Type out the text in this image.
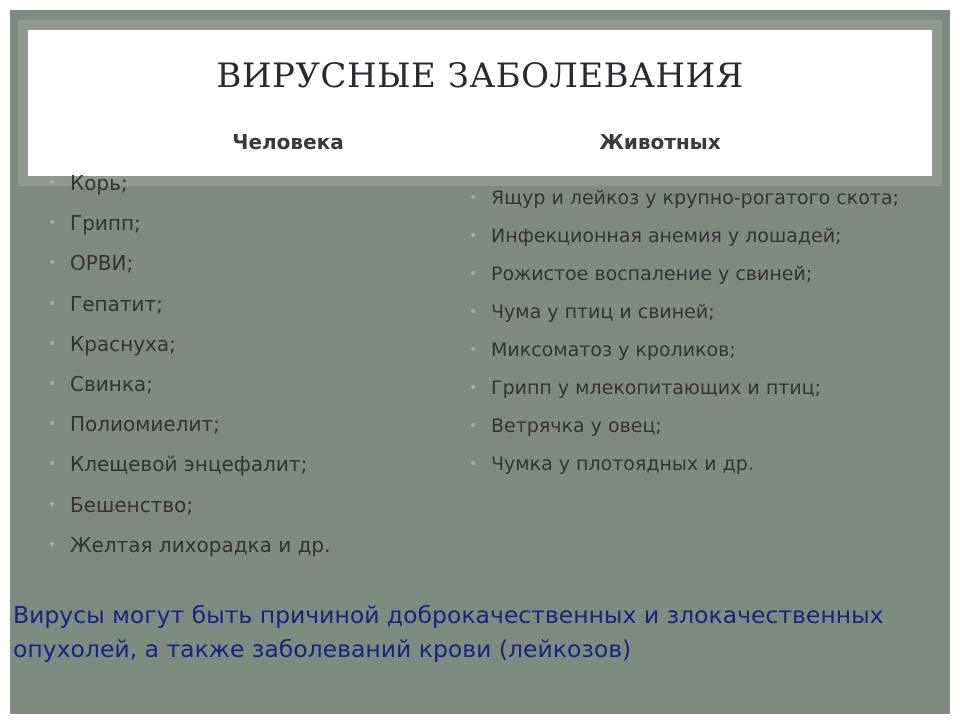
ВИРУСНЫЕ ЗАБОЛЕВАНИЯ
Человека	Животных
• Корь;
• Грипп;
• ОРВИ;
• Гепатит;
• Краснуха;
• Свинка;
• Полиомиелит;
• Клещевой энцефалит;
• Бешенство;
• Желтая лихорадка и др.
• Ящур и лейкоз у крупно-рогатого скота;
• Инфекционная анемия у лошадей;
• Рожистое воспаление у свиней;
• Чума у птиц и свиней;
• Миксоматоз у кроликов;
• Грипп у млекопитающих и птиц;
• Ветрячка у овец;
• Чумка у плотоядных и др.

Вирусы могут быть причиной доброкачественных и злокачественных опухолей, а также заболеваний крови (лейкозов)
